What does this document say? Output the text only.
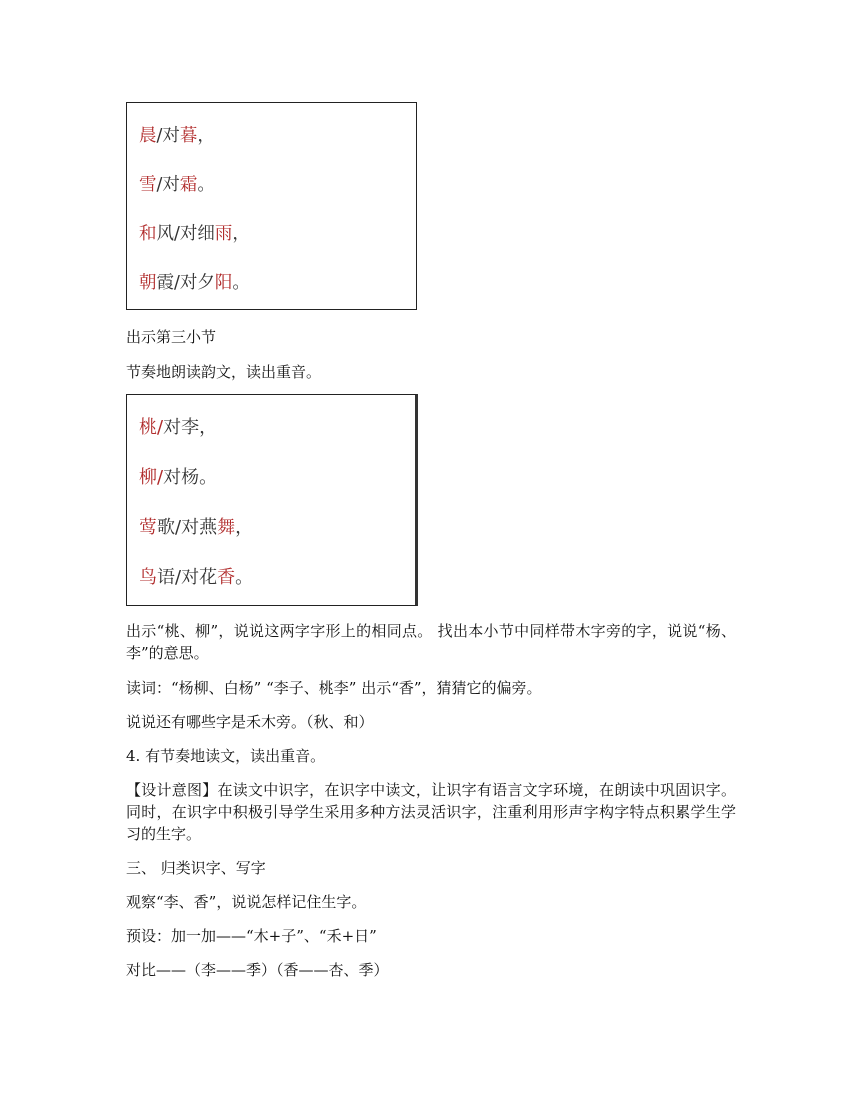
晨/对暮，
雪/对霜。
和风/对细雨，
朝霞/对夕阳。

出示第三小节

节奏地朗读韵文，读出重音。

桃/对李，
柳/对杨。
莺歌/对燕舞，
鸟语/对花香。

出示“桃、柳”，说说这两字字形上的相同点。 找出本小节中同样带木字旁的字，说说“杨、李”的意思。

读词：“杨柳、白杨” “李子、桃李” 出示“香”，猜猜它的偏旁。

说说还有哪些字是禾木旁。（秋、和）

4. 有节奏地读文，读出重音。

【设计意图】在读文中识字，在识字中读文，让识字有语言文字环境，在朗读中巩固识字。同时，在识字中积极引导学生采用多种方法灵活识字，注重利用形声字构字特点积累学生学习的生字。

三、 归类识字、写字

观察“李、香”，说说怎样记住生字。

预设：加一加——“木+子”、“禾+日”

对比——（李——季）（香——杏、季）
